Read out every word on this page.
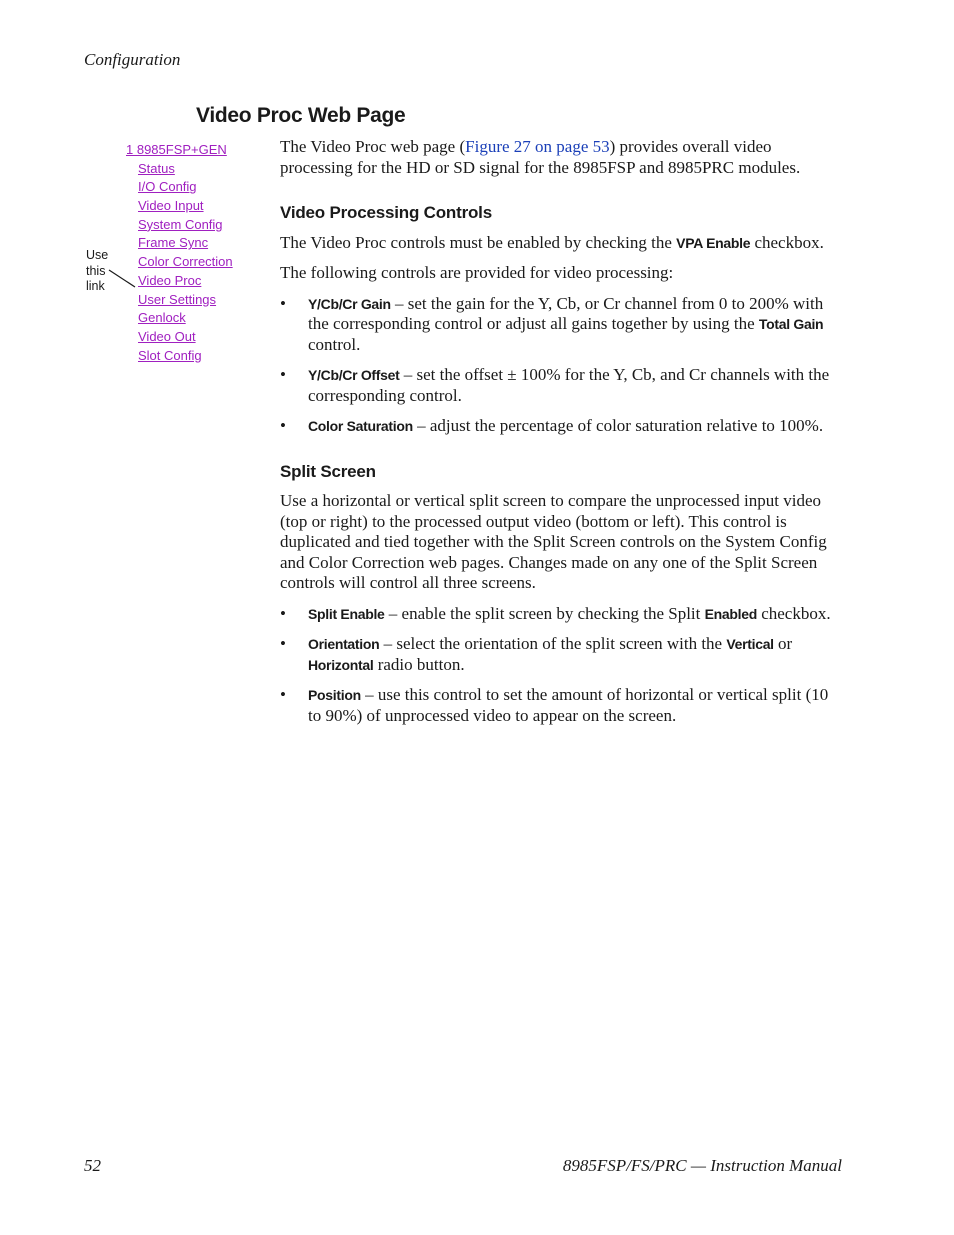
Configuration
Video Proc Web Page
1 8985FSP+GEN
Status
I/O Config
Video Input
System Config
Frame Sync
Color Correction
Video Proc
User Settings
Genlock
Video Out
Slot Config
Use
this
link

The Video Proc web page (Figure 27 on page 53) provides overall video processing for the HD or SD signal for the 8985FSP and 8985PRC modules.

Video Processing Controls

The Video Proc controls must be enabled by checking the VPA Enable checkbox.

The following controls are provided for video processing:

• Y/Cb/Cr Gain – set the gain for the Y, Cb, or Cr channel from 0 to 200% with the corresponding control or adjust all gains together by using the Total Gain control.
• Y/Cb/Cr Offset – set the offset ± 100% for the Y, Cb, and Cr channels with the corresponding control.
• Color Saturation – adjust the percentage of color saturation relative to 100%.
Split Screen

Use a horizontal or vertical split screen to compare the unprocessed input video (top or right) to the processed output video (bottom or left). This control is duplicated and tied together with the Split Screen controls on the System Config and Color Correction web pages. Changes made on any one of the Split Screen controls will control all three screens.

• Split Enable – enable the split screen by checking the Split Enabled checkbox.
• Orientation – select the orientation of the split screen with the Vertical or Horizontal radio button.
• Position – use this control to set the amount of horizontal or vertical split (10 to 90%) of unprocessed video to appear on the screen.
52	8985FSP/FS/PRC — Instruction Manual
